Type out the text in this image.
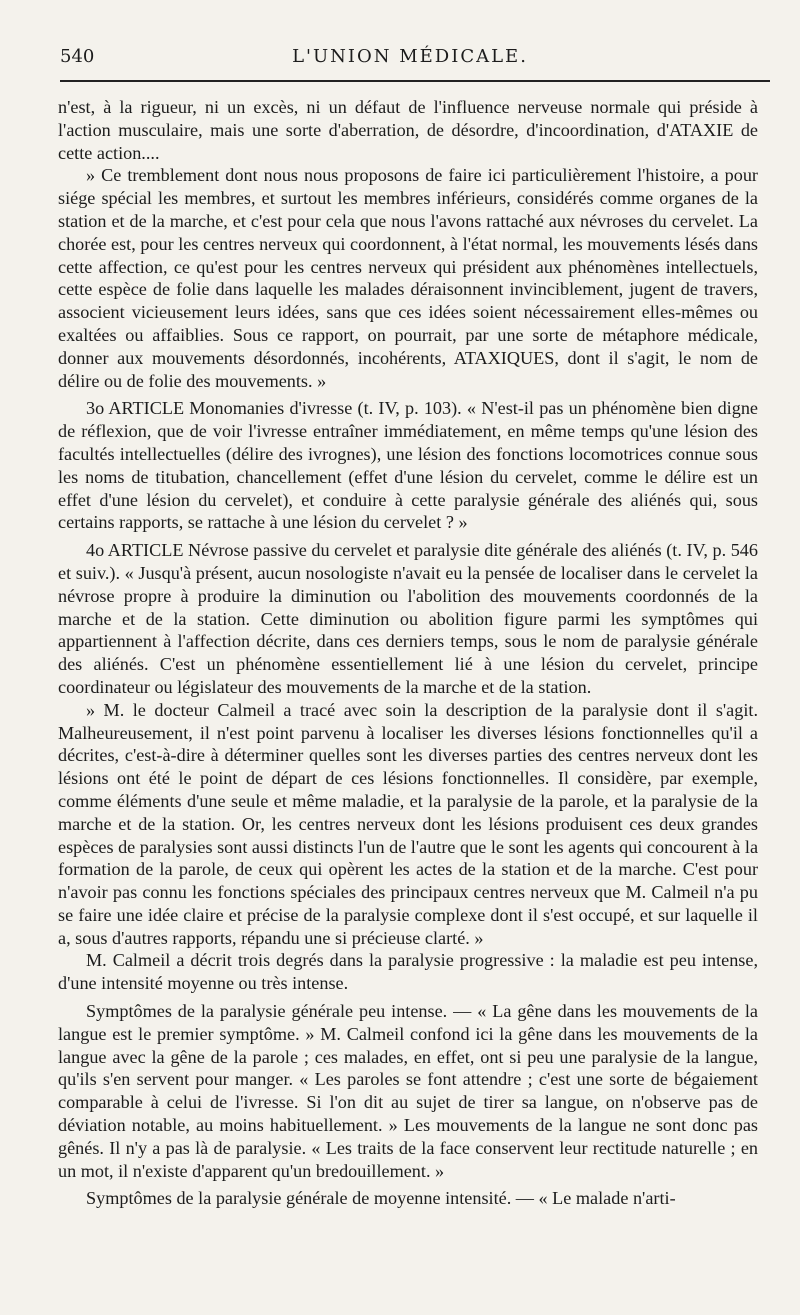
540	L'UNION MÉDICALE.

n'est, à la rigueur, ni un excès, ni un défaut de l'influence nerveuse normale qui préside à l'action musculaire, mais une sorte d'aberration, de désordre, d'incoordination, d'ATAXIE de cette action....

» Ce tremblement dont nous nous proposons de faire ici particulièrement l'histoire, a pour siége spécial les membres, et surtout les membres inférieurs, considérés comme organes de la station et de la marche, et c'est pour cela que nous l'avons rattaché aux névroses du cervelet. La chorée est, pour les centres nerveux qui coordonnent, à l'état normal, les mouvements lésés dans cette affection, ce qu'est pour les centres nerveux qui président aux phénomènes intellectuels, cette espèce de folie dans laquelle les malades déraisonnent invinciblement, jugent de travers, associent vicieusement leurs idées, sans que ces idées soient nécessairement elles-mêmes ou exaltées ou affaiblies. Sous ce rapport, on pourrait, par une sorte de métaphore médicale, donner aux mouvements désordonnés, incohérents, ATAXIQUES, dont il s'agit, le nom de délire ou de folie des mouvements. »

3o ARTICLE Monomanies d'ivresse (t. IV, p. 103). « N'est-il pas un phénomène bien digne de réflexion, que de voir l'ivresse entraîner immédiatement, en même temps qu'une lésion des facultés intellectuelles (délire des ivrognes), une lésion des fonctions locomotrices connue sous les noms de titubation, chancellement (effet d'une lésion du cervelet, comme le délire est un effet d'une lésion du cervelet), et conduire à cette paralysie générale des aliénés qui, sous certains rapports, se rattache à une lésion du cervelet ? »

4o ARTICLE Névrose passive du cervelet et paralysie dite générale des aliénés (t. IV, p. 546 et suiv.). « Jusqu'à présent, aucun nosologiste n'avait eu la pensée de localiser dans le cervelet la névrose propre à produire la diminution ou l'abolition des mouvements coordonnés de la marche et de la station. Cette diminution ou abolition figure parmi les symptômes qui appartiennent à l'affection décrite, dans ces derniers temps, sous le nom de paralysie générale des aliénés. C'est un phénomène essentiellement lié à une lésion du cervelet, principe coordinateur ou législateur des mouvements de la marche et de la station.

» M. le docteur Calmeil a tracé avec soin la description de la paralysie dont il s'agit. Malheureusement, il n'est point parvenu à localiser les diverses lésions fonctionnelles qu'il a décrites, c'est-à-dire à déterminer quelles sont les diverses parties des centres nerveux dont les lésions ont été le point de départ de ces lésions fonctionnelles. Il considère, par exemple, comme éléments d'une seule et même maladie, et la paralysie de la parole, et la paralysie de la marche et de la station. Or, les centres nerveux dont les lésions produisent ces deux grandes espèces de paralysies sont aussi distincts l'un de l'autre que le sont les agents qui concourent à la formation de la parole, de ceux qui opèrent les actes de la station et de la marche. C'est pour n'avoir pas connu les fonctions spéciales des principaux centres nerveux que M. Calmeil n'a pu se faire une idée claire et précise de la paralysie complexe dont il s'est occupé, et sur laquelle il a, sous d'autres rapports, répandu une si précieuse clarté. »

M. Calmeil a décrit trois degrés dans la paralysie progressive : la maladie est peu intense, d'une intensité moyenne ou très intense.

Symptômes de la paralysie générale peu intense. — « La gêne dans les mouvements de la langue est le premier symptôme. » M. Calmeil confond ici la gêne dans les mouvements de la langue avec la gêne de la parole ; ces malades, en effet, ont si peu une paralysie de la langue, qu'ils s'en servent pour manger. « Les paroles se font attendre ; c'est une sorte de bégaiement comparable à celui de l'ivresse. Si l'on dit au sujet de tirer sa langue, on n'observe pas de déviation notable, au moins habituellement. » Les mouvements de la langue ne sont donc pas gênés. Il n'y a pas là de paralysie. « Les traits de la face conservent leur rectitude naturelle ; en un mot, il n'existe d'apparent qu'un bredouillement. »

Symptômes de la paralysie générale de moyenne intensité. — « Le malade n'arti-
